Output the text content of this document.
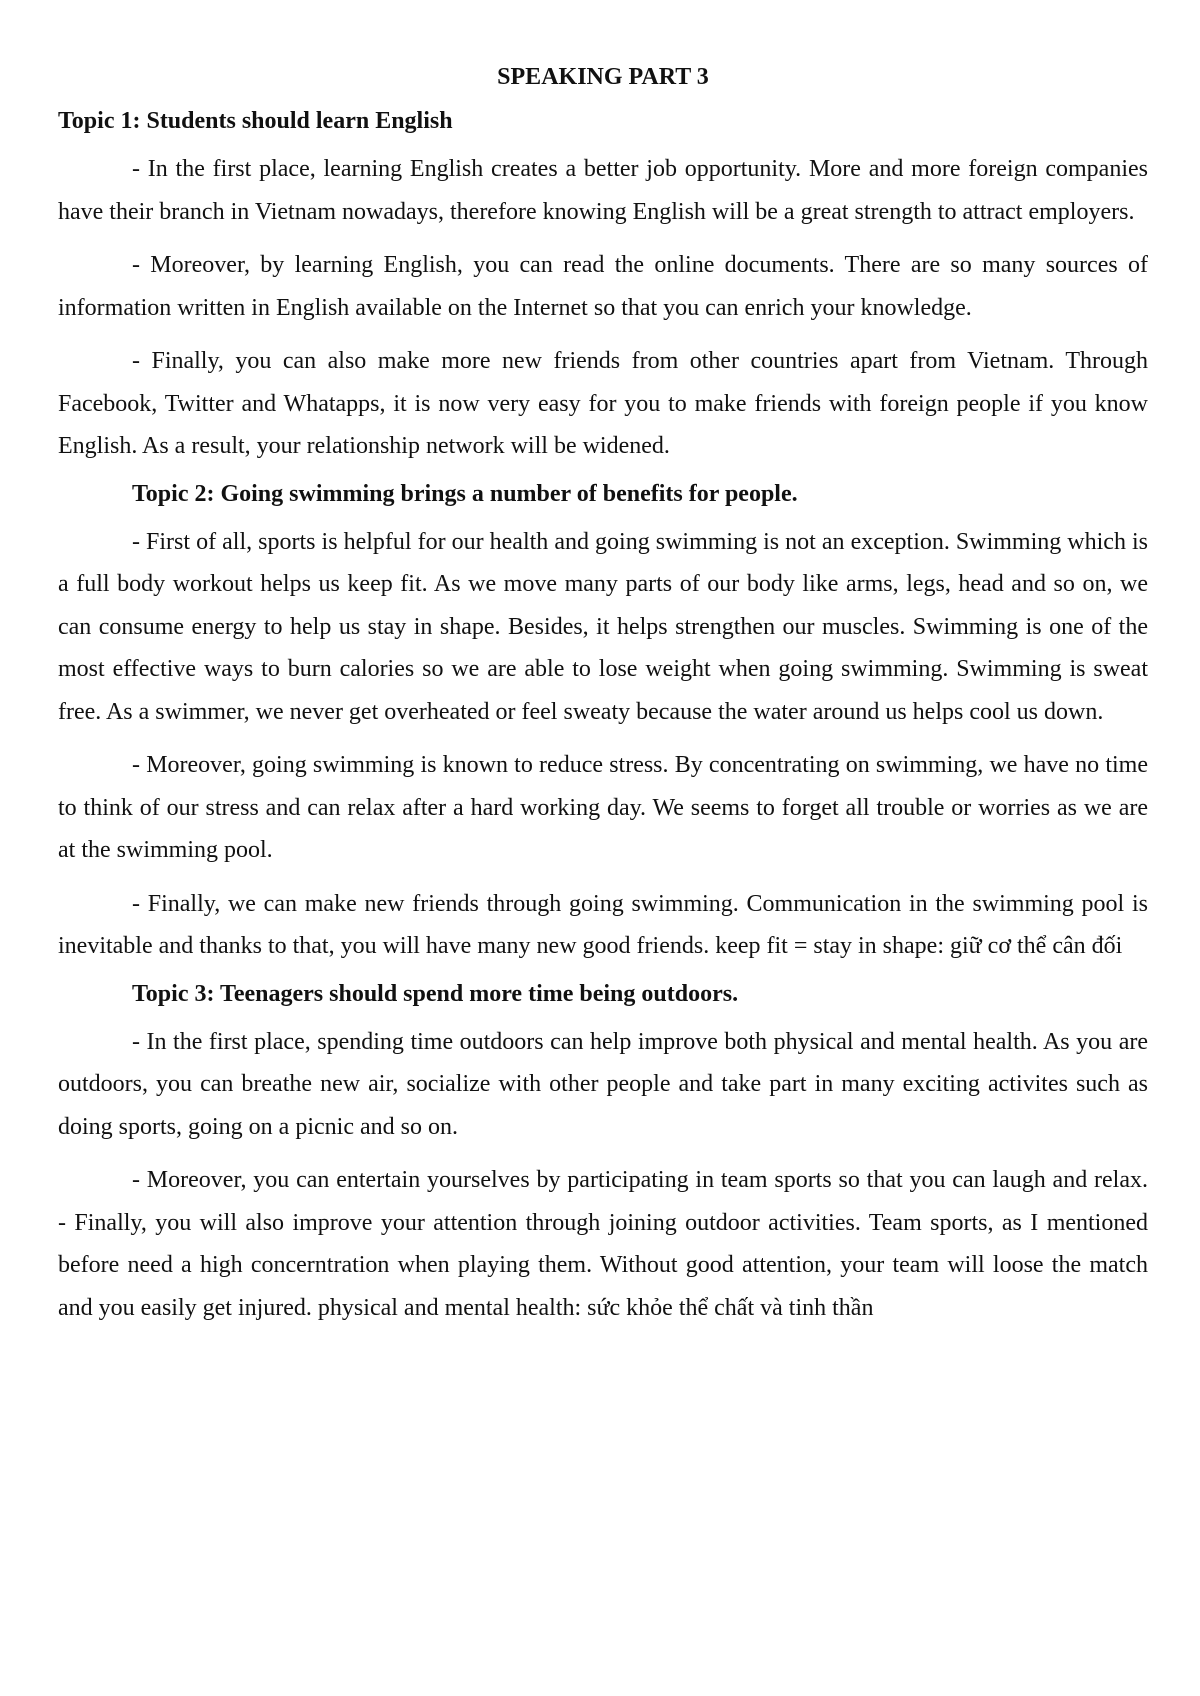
SPEAKING PART 3
Topic 1: Students should learn English

- In the first place, learning English creates a better job opportunity. More and more foreign companies have their branch in Vietnam nowadays, therefore knowing English will be a great strength to attract employers.

- Moreover, by learning English, you can read the online documents. There are so many sources of information written in English available on the Internet so that you can enrich your knowledge.

- Finally, you can also make more new friends from other countries apart from Vietnam. Through Facebook, Twitter and Whatapps, it is now very easy for you to make friends with foreign people if you know English. As a result, your relationship network will be widened.

Topic 2: Going swimming brings a number of benefits for people.

- First of all, sports is helpful for our health and going swimming is not an exception. Swimming which is a full body workout helps us keep fit. As we move many parts of our body like arms, legs, head and so on, we can consume energy to help us stay in shape. Besides, it helps strengthen our muscles. Swimming is one of the most effective ways to burn calories so we are able to lose weight when going swimming. Swimming is sweat free. As a swimmer, we never get overheated or feel sweaty because the water around us helps cool us down.

- Moreover, going swimming is known to reduce stress. By concentrating on swimming, we have no time to think of our stress and can relax after a hard working day. We seems to forget all trouble or worries as we are at the swimming pool.

- Finally, we can make new friends through going swimming. Communication in the swimming pool is inevitable and thanks to that, you will have many new good friends. keep fit = stay in shape: giữ cơ thể cân đối

Topic 3: Teenagers should spend more time being outdoors.

- In the first place, spending time outdoors can help improve both physical and mental health. As you are outdoors, you can breathe new air, socialize with other people and take part in many exciting activites such as doing sports, going on a picnic and so on.

- Moreover, you can entertain yourselves by participating in team sports so that you can laugh and relax. - Finally, you will also improve your attention through joining outdoor activities. Team sports, as I mentioned before need a high concerntration when playing them. Without good attention, your team will loose the match and you easily get injured. physical and mental health: sức khỏe thể chất và tinh thần
